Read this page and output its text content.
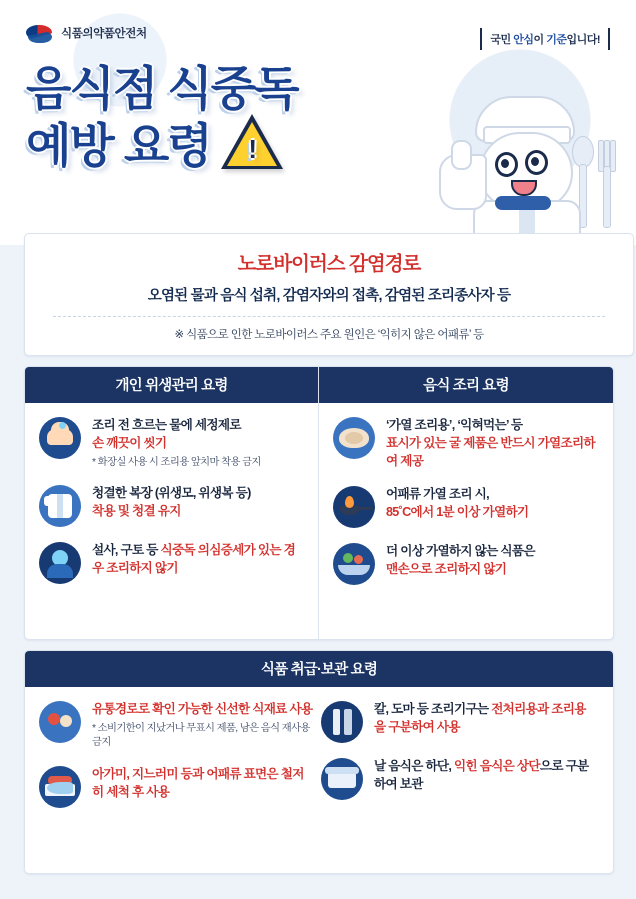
식품의약품안전처	국민 안심이 기준입니다!
음식점 식중독
예방 요령	!
노로바이러스 감염경로

오염된 물과 음식 섭취, 감염자와의 접촉, 감염된 조리종사자 등

※ 식품으로 인한 노로바이러스 주요 원인은 ‘익히지 않은 어패류’ 등

개인 위생관리 요령
조리 전 흐르는 물에 세정제로
손 깨끗이 씻기
* 화장실 사용 시 조리용 앞치마 착용 금지
청결한 복장 (위생모, 위생복 등)
착용 및 청결 유지
설사, 구토 등 식중독 의심증세가 있는 경우 조리하지 않기
음식 조리 요령
‘가열 조리용’, ‘익혀먹는’ 등
표시가 있는 굴 제품은 반드시 가열조리하여 제공
어패류 가열 조리 시,
85˚C에서 1분 이상 가열하기
더 이상 가열하지 않는 식품은
맨손으로 조리하지 않기
식품 취급·보관 요령
유통경로로 확인 가능한 신선한 식재료 사용
* 소비기한이 지났거나 무표시 제품, 남은 음식 재사용 금지
아가미, 지느러미 등과 어패류 표면은 철저히 세척 후 사용
칼, 도마 등 조리기구는 전처리용과 조리용을 구분하여 사용
날 음식은 하단, 익힌 음식은 상단으로 구분하여 보관
